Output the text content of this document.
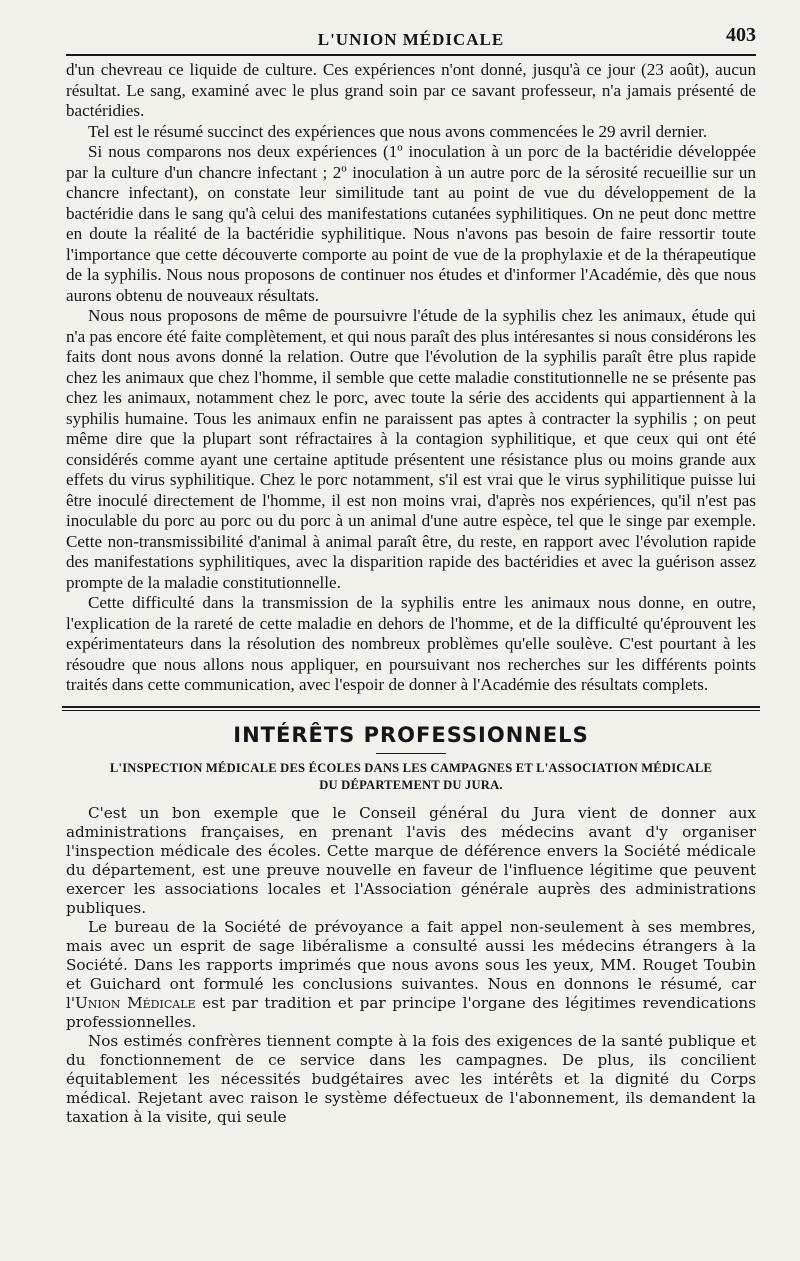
L'UNION MÉDICALE	403

d'un chevreau ce liquide de culture. Ces expériences n'ont donné, jusqu'à ce jour (23 août), aucun résultat. Le sang, examiné avec le plus grand soin par ce savant professeur, n'a jamais présenté de bactéridies.

Tel est le résumé succinct des expériences que nous avons commencées le 29 avril dernier.

Si nous comparons nos deux expériences (1º inoculation à un porc de la bactéridie développée par la culture d'un chancre infectant ; 2º inoculation à un autre porc de la sérosité recueillie sur un chancre infectant), on constate leur similitude tant au point de vue du développement de la bactéridie dans le sang qu'à celui des manifestations cutanées syphilitiques. On ne peut donc mettre en doute la réalité de la bactéridie syphilitique. Nous n'avons pas besoin de faire ressortir toute l'importance que cette découverte comporte au point de vue de la prophylaxie et de la thérapeutique de la syphilis. Nous nous proposons de continuer nos études et d'informer l'Académie, dès que nous aurons obtenu de nouveaux résultats.

Nous nous proposons de même de poursuivre l'étude de la syphilis chez les animaux, étude qui n'a pas encore été faite complètement, et qui nous paraît des plus intéresantes si nous considérons les faits dont nous avons donné la relation. Outre que l'évolution de la syphilis paraît être plus rapide chez les animaux que chez l'homme, il semble que cette maladie constitutionnelle ne se présente pas chez les animaux, notamment chez le porc, avec toute la série des accidents qui appartiennent à la syphilis humaine. Tous les animaux enfin ne paraissent pas aptes à contracter la syphilis ; on peut même dire que la plupart sont réfractaires à la contagion syphilitique, et que ceux qui ont été considérés comme ayant une certaine aptitude présentent une résistance plus ou moins grande aux effets du virus syphilitique. Chez le porc notamment, s'il est vrai que le virus syphilitique puisse lui être inoculé directement de l'homme, il est non moins vrai, d'après nos expériences, qu'il n'est pas inoculable du porc au porc ou du porc à un animal d'une autre espèce, tel que le singe par exemple. Cette non-transmissibilité d'animal à animal paraît être, du reste, en rapport avec l'évolution rapide des manifestations syphilitiques, avec la disparition rapide des bactéridies et avec la guérison assez prompte de la maladie constitutionnelle.

Cette difficulté dans la transmission de la syphilis entre les animaux nous donne, en outre, l'explication de la rareté de cette maladie en dehors de l'homme, et de la difficulté qu'éprouvent les expérimentateurs dans la résolution des nombreux problèmes qu'elle soulève. C'est pourtant à les résoudre que nous allons nous appliquer, en poursuivant nos recherches sur les différents points traités dans cette communication, avec l'espoir de donner à l'Académie des résultats complets.

INTÉRÊTS PROFESSIONNELS
L'INSPECTION MÉDICALE DES ÉCOLES DANS LES CAMPAGNES ET L'ASSOCIATION MÉDICALE
DU DÉPARTEMENT DU JURA.

C'est un bon exemple que le Conseil général du Jura vient de donner aux administrations françaises, en prenant l'avis des médecins avant d'y organiser l'inspection médicale des écoles. Cette marque de déférence envers la Société médicale du département, est une preuve nouvelle en faveur de l'influence légitime que peuvent exercer les associations locales et l'Association générale auprès des administrations publiques.

Le bureau de la Société de prévoyance a fait appel non-seulement à ses membres, mais avec un esprit de sage libéralisme a consulté aussi les médecins étrangers à la Société. Dans les rapports imprimés que nous avons sous les yeux, MM. Rouget Toubin et Guichard ont formulé les conclusions suivantes. Nous en donnons le résumé, car l'Union Médicale est par tradition et par principe l'organe des légitimes revendications professionnelles.

Nos estimés confrères tiennent compte à la fois des exigences de la santé publique et du fonctionnement de ce service dans les campagnes. De plus, ils concilient équitablement les nécessités budgétaires avec les intérêts et la dignité du Corps médical. Rejetant avec raison le système défectueux de l'abonnement, ils demandent la taxation à la visite, qui seule
